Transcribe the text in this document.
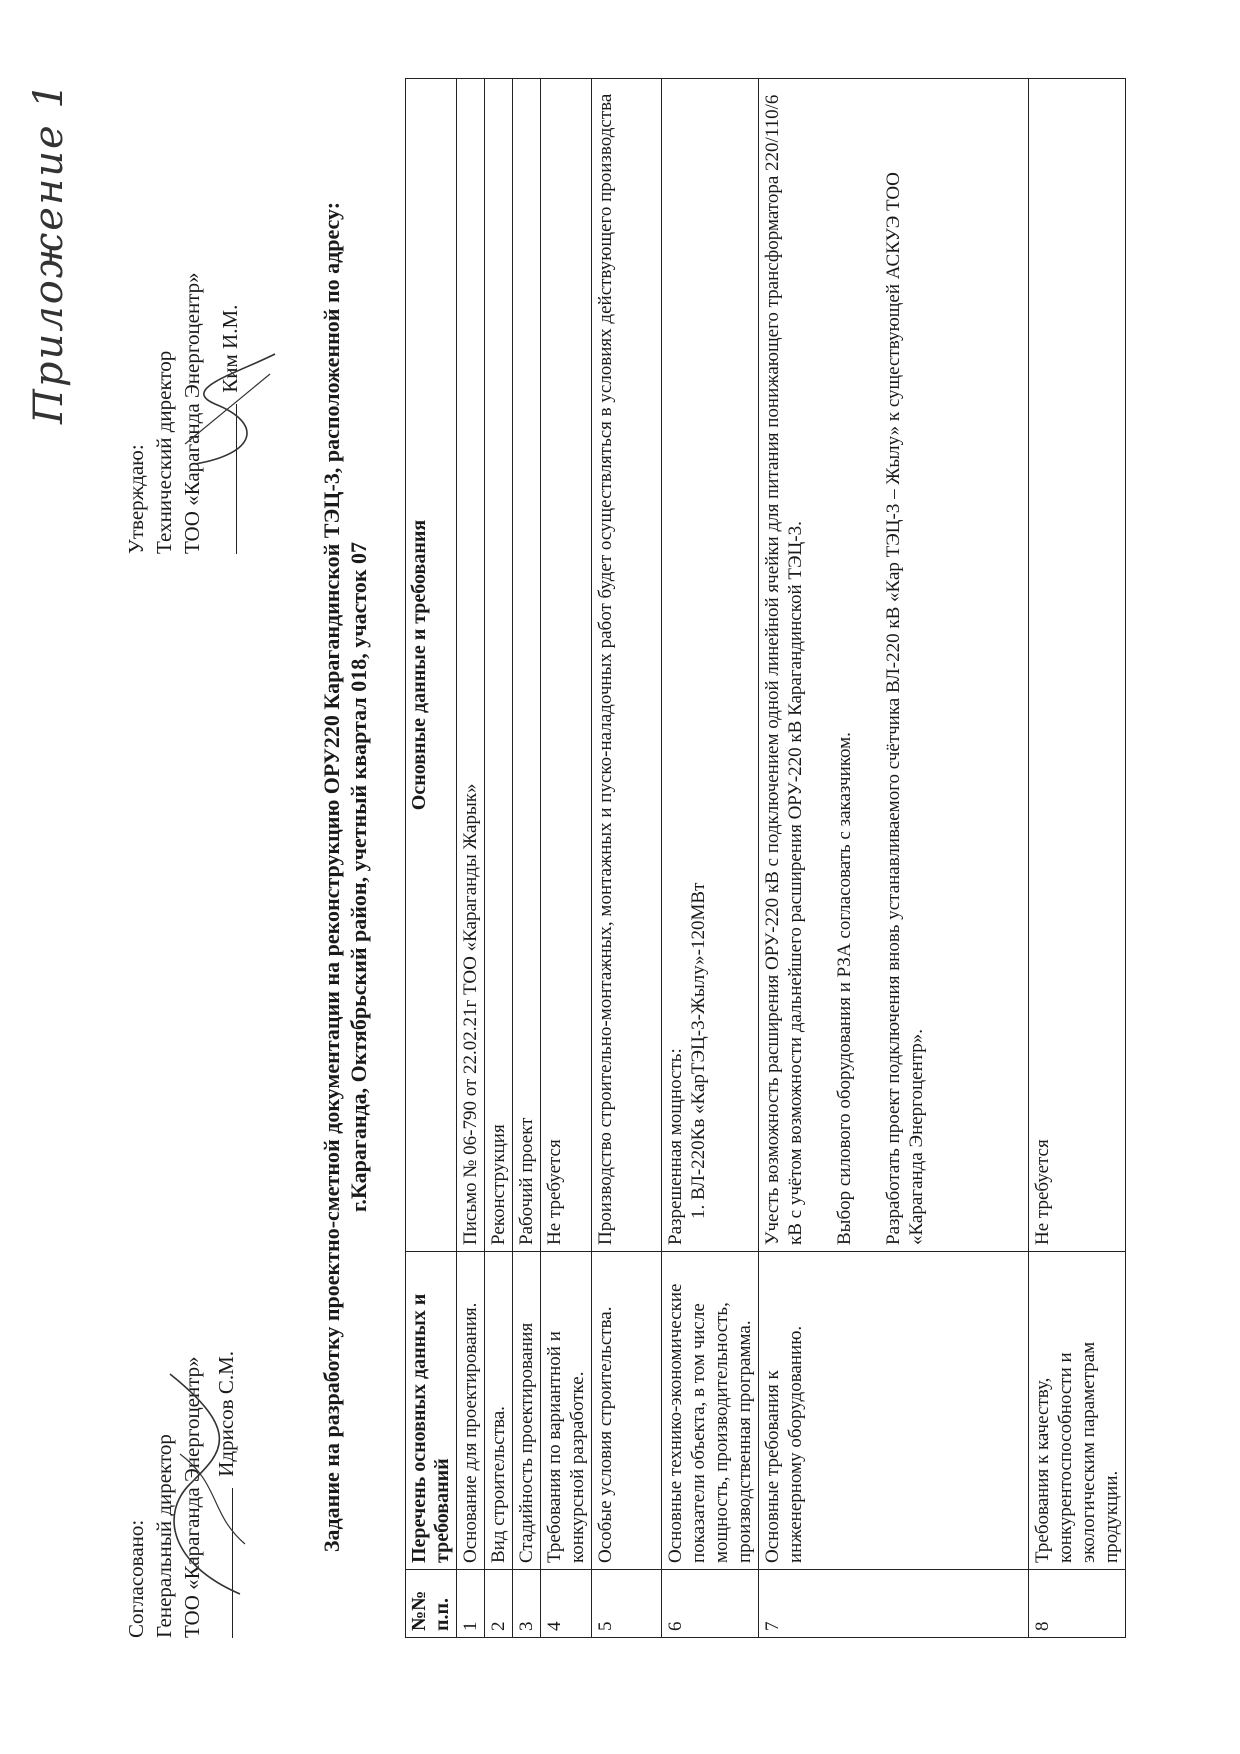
Приложение 1
Согласовано: Генеральный директор ТОО «Караганда Энергоцентр» Идрисов С.М.
Утверждаю: Технический директор ТОО «Караганда Энергоцентр» Ким И.М.	Задание на разработку проектно-сметной документации на реконструкцию ОРУ220 Карагандинской ТЭЦ-3, расположенной по адресу: г.Караганда, Октябрьский район, учетный квартал 018, участок 07
№№ п.п.	Перечень основных данных и требований	Основные данные и требования
1	Основание для проектирования.	Письмо № 06-790 от 22.02.21г ТОО «Караганды Жарык»
2	Вид строительства.	Реконструкция
3	Стадийность проектирования	Рабочий проект
4	Требования по вариантной и конкурсной разработке.	Не требуется
5	Особые условия строительства.	Производство строительно-монтажных, монтажных и пуско-наладочных работ будет осуществляться в условиях действующего производства
6	Основные технико-экономические показатели объекта, в том числе мощность, производительность, производственная программа.	Разрешенная мощность: 1. ВЛ-220Кв «КарТЭЦ-3-Жылу»-120МВт

7	Основные требования к инженерному оборудованию.	Учесть возможность расширения ОРУ-220 кВ с подключением одной линейной ячейки для питания понижающего трансформатора 220/110/6 кВ с учётом возможности дальнейшего расширения ОРУ-220 кВ Карагандинской ТЭЦ-3. Выбор силового оборудования и РЗА согласовать с заказчиком. Разработать проект подключения вновь устанавливаемого счётчика ВЛ-220 кВ «Кар ТЭЦ-3 – Жылу» к существующей АСКУЭ ТОО «Караганда Энергоцентр».

8	Требования к качеству, конкурентоспособности и экологическим параметрам продукции.	Не требуется
